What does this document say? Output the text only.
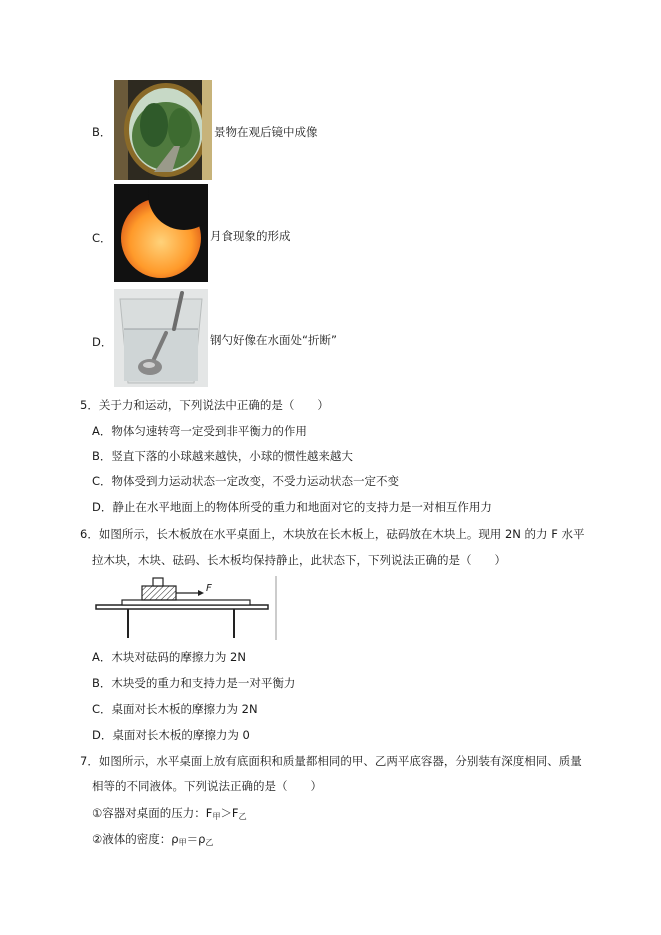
B．	景物在观后镜中成像
C．	月食现象的形成
D．	钢勺好像在水面处“折断”
5．关于力和运动，下列说法中正确的是（　　）
A．物体匀速转弯一定受到非平衡力的作用
B．竖直下落的小球越来越快，小球的惯性越来越大
C．物体受到力运动状态一定改变，不受力运动状态一定不变
D．静止在水平地面上的物体所受的重力和地面对它的支持力是一对相互作用力
6．如图所示，长木板放在水平桌面上，木块放在长木板上，砝码放在木块上。现用 2N 的力 F 水平
拉木块，木块、砝码、长木板均保持静止，此状态下，下列说法正确的是（　　）
F
A．木块对砝码的摩擦力为 2N
B．木块受的重力和支持力是一对平衡力
C．桌面对长木板的摩擦力为 2N
D．桌面对长木板的摩擦力为 0
7．如图所示，水平桌面上放有底面积和质量都相同的甲、乙两平底容器，分别装有深度相同、质量
相等的不同液体。下列说法正确的是（　　）
①容器对桌面的压力：$F_甲>F_乙$
②液体的密度：$\rho_甲=\rho_乙$
